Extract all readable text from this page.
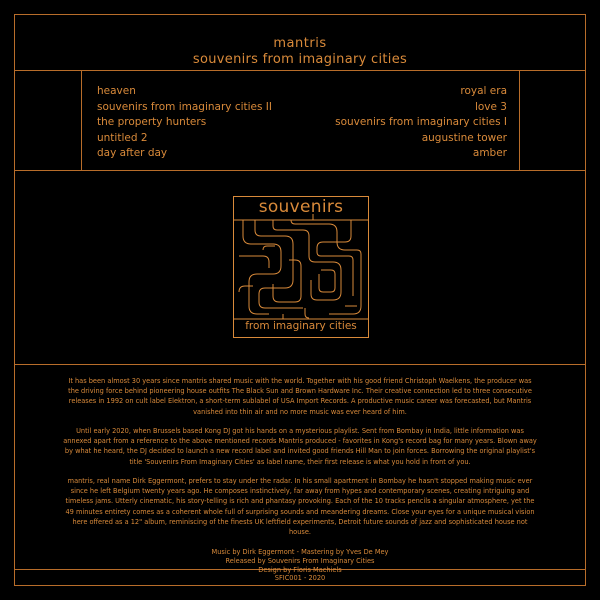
mantris
souvenirs from imaginary cities
heaven
souvenirs from imaginary cities II
the property hunters
untitled 2
day after day
royal era
love 3
souvenirs from imaginary cities I
augustine tower
amber
souvenirs
from imaginary cities

It has been almost 30 years since mantris shared music with the world. Together with his good friend Christoph Waelkens, the producer was the driving force behind pioneering house outfits The Black Sun and Brown Hardware Inc. Their creative connection led to three consecutive releases in 1992 on cult label Elektron, a short-term sublabel of USA Import Records. A productive music career was forecasted, but Mantris vanished into thin air and no more music was ever heard of him.

Until early 2020, when Brussels based Kong DJ got his hands on a mysterious playlist. Sent from Bombay in India, little information was annexed apart from a reference to the above mentioned records Mantris produced - favorites in Kong's record bag for many years. Blown away by what he heard, the DJ decided to launch a new record label and invited good friends Hill Man to join forces. Borrowing the original playlist's title 'Souvenirs From Imaginary Cities' as label name, their first release is what you hold in front of you.

mantris, real name Dirk Eggermont, prefers to stay under the radar. In his small apartment in Bombay he hasn't stopped making music ever since he left Belgium twenty years ago. He composes instinctively, far away from hypes and contemporary scenes, creating intriguing and timeless jams. Utterly cinematic, his story-telling is rich and phantasy provoking. Each of the 10 tracks pencils a singular atmosphere, yet the 49 minutes entirety comes as a coherent whole full of surprising sounds and meandering dreams. Close your eyes for a unique musical vision here offered as a 12" album, reminiscing of the finests UK leftfield experiments, Detroit future sounds of jazz and sophisticated house not house.

Music by Dirk Eggermont - Mastering by Yves De Mey
Released by Souvenirs From Imaginary Cities
Design by Floris Machiels
SFIC001 - 2020
